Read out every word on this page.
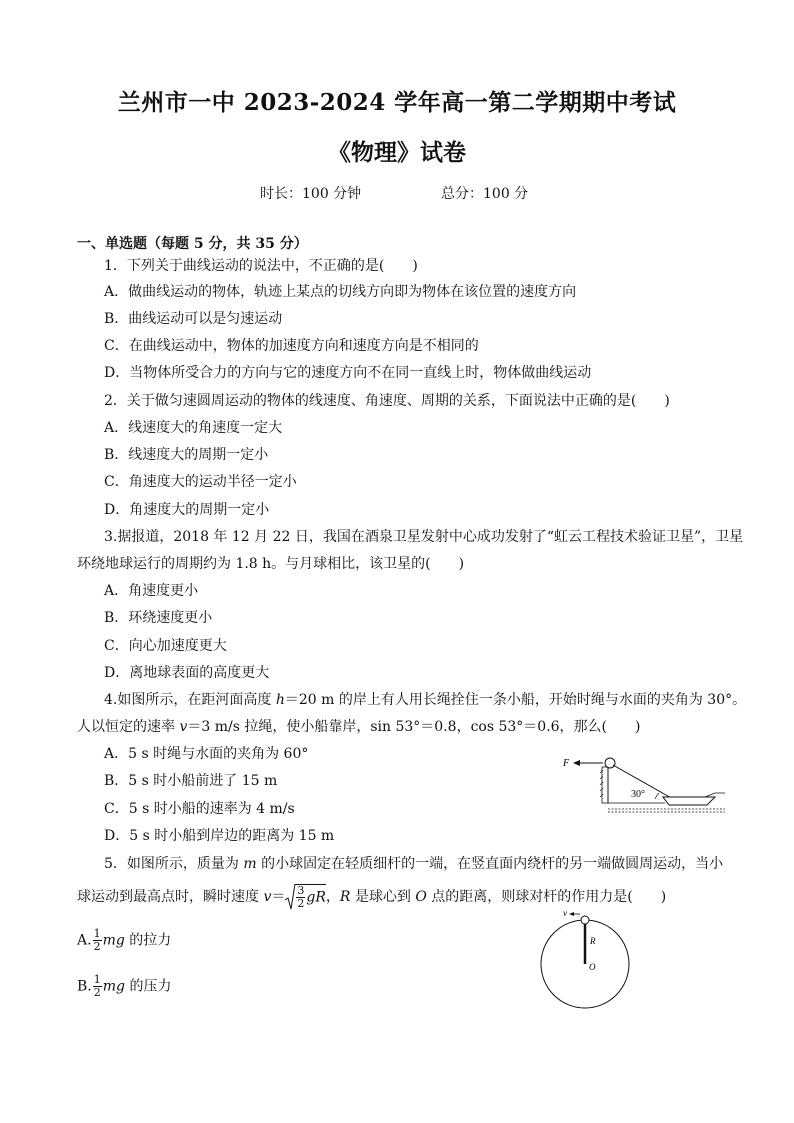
兰州市一中 2023-2024 学年高一第二学期期中考试
《物理》试卷
时长：100 分钟	总分：100 分
一、单选题（每题 5 分，共 35 分）
1．下列关于曲线运动的说法中，不正确的是(　　)
A．做曲线运动的物体，轨迹上某点的切线方向即为物体在该位置的速度方向
B．曲线运动可以是匀速运动
C．在曲线运动中，物体的加速度方向和速度方向是不相同的
D．当物体所受合力的方向与它的速度方向不在同一直线上时，物体做曲线运动
2．关于做匀速圆周运动的物体的线速度、角速度、周期的关系，下面说法中正确的是(　　)
A．线速度大的角速度一定大
B．线速度大的周期一定小
C．角速度大的运动半径一定小
D．角速度大的周期一定小
3.据报道，2018 年 12 月 22 日，我国在酒泉卫星发射中心成功发射了“虹云工程技术验证卫星”，卫星
环绕地球运行的周期约为 1.8 h。与月球相比，该卫星的(　　)
A．角速度更小
B．环绕速度更小
C．向心加速度更大
D．离地球表面的高度更大
4.如图所示，在距河面高度 h＝20 m 的岸上有人用长绳拴住一条小船，开始时绳与水面的夹角为 30°。
人以恒定的速率 v＝3 m/s 拉绳，使小船靠岸，sin 53°＝0.8，cos 53°＝0.6，那么(　　)
A．5 s 时绳与水面的夹角为 60°
B．5 s 时小船前进了 15 m
C．5 s 时小船的速率为 4 m/s
D．5 s 时小船到岸边的距离为 15 m
F
30°
5．如图所示，质量为 m 的小球固定在轻质细杆的一端，在竖直面内绕杆的另一端做圆周运动，当小
球运动到最高点时，瞬时速度 $v= \frac{3}{2}$ gR，R 是球心到 O 点的距离，则球对杆的作用力是(　　)
A. $\frac{1}{2}$ mg 的拉力
B. $\frac{1}{2}$ mg 的压力
v
R
O
